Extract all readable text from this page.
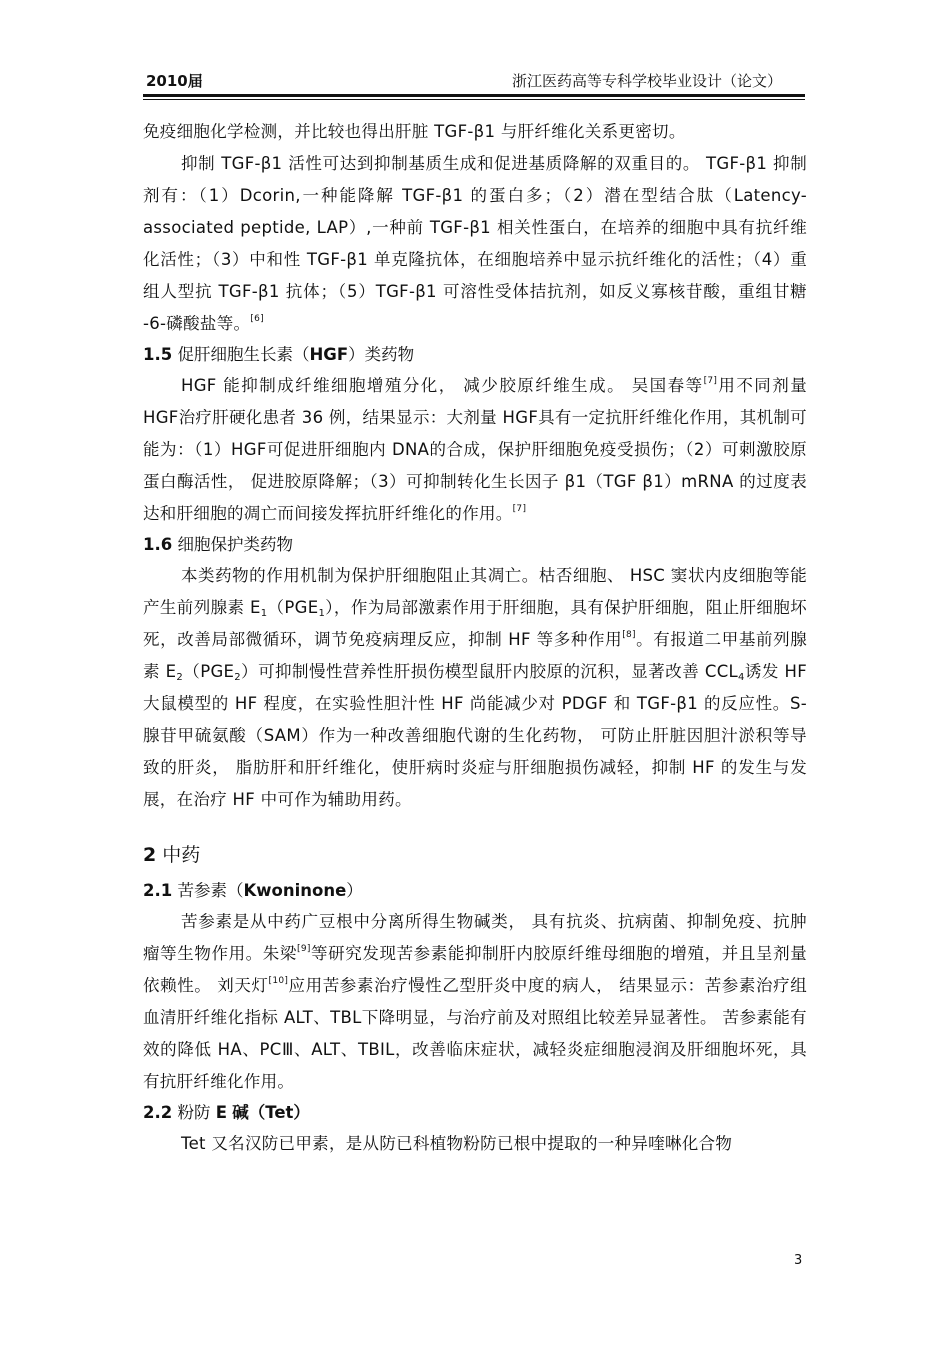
2010届	浙江医药高等专科学校毕业设计（论文）

免疫细胞化学检测，并比较也得出肝脏 TGF-β1 与肝纤维化关系更密切。

抑制 TGF-β1 活性可达到抑制基质生成和促进基质降解的双重目的。 TGF-β1 抑制剂有：（1）Dcorin,一种能降解 TGF-β1 的蛋白多；（2）潜在型结合肽（Latency-associated peptide, LAP）,一种前 TGF-β1 相关性蛋白，在培养的细胞中具有抗纤维化活性；（3）中和性 TGF-β1 单克隆抗体，在细胞培养中显示抗纤维化的活性；（4）重组人型抗 TGF-β1 抗体；（5）TGF-β1 可溶性受体拮抗剂，如反义寡核苷酸，重组甘糖 -6-磷酸盐等。[6]

1.5 促肝细胞生长素（HGF）类药物

HGF 能抑制成纤维细胞增殖分化， 减少胶原纤维生成。 吴国春等[7]用不同剂量 HGF治疗肝硬化患者 36 例，结果显示：大剂量 HGF具有一定抗肝纤维化作用，其机制可能为：（1）HGF可促进肝细胞内 DNA的合成，保护肝细胞免疫受损伤；（2）可刺激胶原蛋白酶活性， 促进胶原降解；（3）可抑制转化生长因子 β1（TGF β1）mRNA 的过度表达和肝细胞的凋亡而间接发挥抗肝纤维化的作用。[7]

1.6 细胞保护类药物

本类药物的作用机制为保护肝细胞阻止其凋亡。枯否细胞、 HSC 窦状内皮细胞等能产生前列腺素 $E_1(PGE_1)$，作为局部激素作用于肝细胞，具有保护肝细胞，阻止肝细胞坏死，改善局部微循环，调节免疫病理反应，抑制 HF 等多种作用[8]。有报道二甲基前列腺素 $E_2(PGE_2)$可抑制慢性营养性肝损伤模型鼠肝内胶原的沉积，显著改善 $CCL_4$诱发 HF 大鼠模型的 HF 程度，在实验性胆汁性 HF 尚能减少对 PDGF 和 TGF-β1 的反应性。S-腺苷甲硫氨酸（SAM）作为一种改善细胞代谢的生化药物， 可防止肝脏因胆汁淤积等导致的肝炎， 脂肪肝和肝纤维化，使肝病时炎症与肝细胞损伤减轻，抑制 HF 的发生与发展，在治疗 HF 中可作为辅助用药。

2 中药
2.1 苦参素（Kwoninone）

苦参素是从中药广豆根中分离所得生物碱类， 具有抗炎、抗病菌、抑制免疫、抗肿瘤等生物作用。朱梁[9]等研究发现苦参素能抑制肝内胶原纤维母细胞的增殖，并且呈剂量依赖性。 刘天灯[10]应用苦参素治疗慢性乙型肝炎中度的病人， 结果显示：苦参素治疗组血清肝纤维化指标 ALT、TBL下降明显，与治疗前及对照组比较差异显著性。 苦参素能有效的降低 HA、PCⅢ、ALT、TBIL，改善临床症状，减轻炎症细胞浸润及肝细胞坏死，具有抗肝纤维化作用。

2.2 粉防 E 碱（Tet）

Tet 又名汉防已甲素，是从防已科植物粉防已根中提取的一种异喹啉化合物

3
